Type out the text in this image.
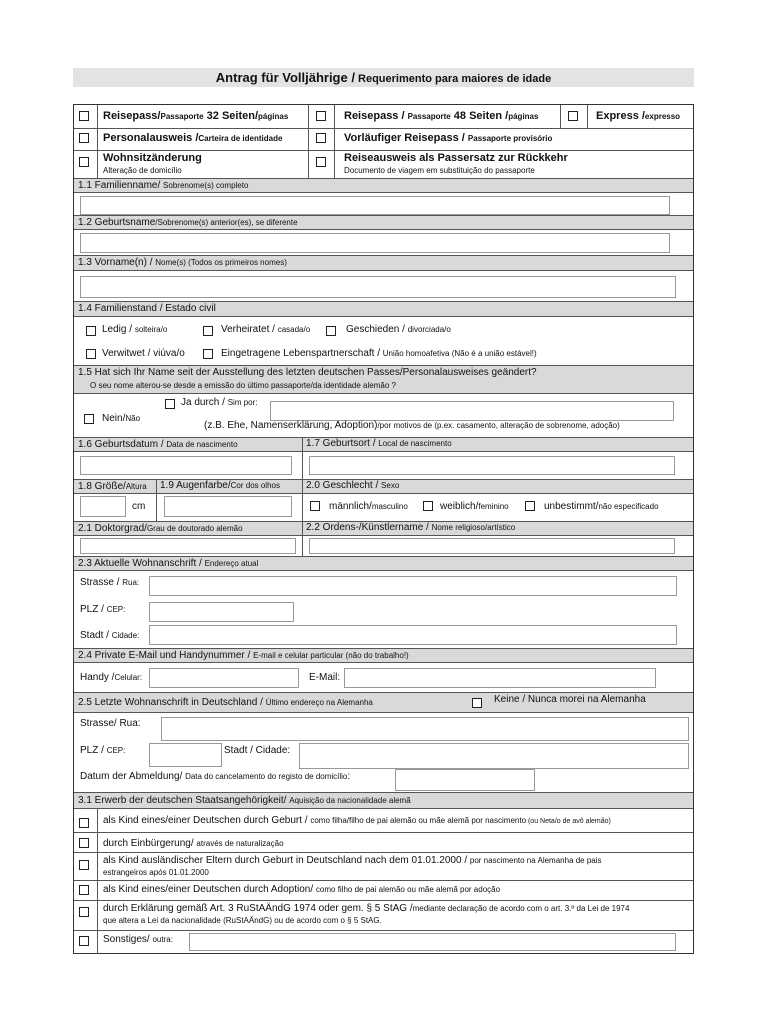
Antrag für Volljährige / Requerimento para maiores de idade
Reisepass/Passaporte 32 Seiten/páginas	Reisepass / Passaporte 48 Seiten /páginas	Express /expresso
Personalausweis /Carteira de identidade	Vorläufiger Reisepass / Passaporte provisório
Wohnsitzänderung
Alteração de domicílio
Reiseausweis als Passersatz zur Rückkehr
Documento de viagem em substituição do passaporte
1.1 Familienname/ Sobrenome(s) completo
1.2 Geburtsname/Sobrenome(s) anterior(es), se diferente
1.3 Vorname(n) / Nome(s) (Todos os primeiros nomes)
1.4 Familienstand / Estado civil
Ledig / solteira/o	Verheiratet / casada/o	Geschieden / divorciada/o
Verwitwet / viúva/o	Eingetragene Lebenspartnerschaft / União homoafetiva (Não é a união estável!)
1.5 Hat sich Ihr Name seit der Ausstellung des letzten deutschen Passes/Personalausweises geändert?
O seu nome alterou-se desde a emissão do último passaporte/da identidade alemão ?
Ja durch / Sim por:
Nein/Não
(z.B. Ehe, Namenserklärung, Adoption)/por motivos de (p.ex. casamento, alteração de sobrenome, adoção)
1.6 Geburtsdatum / Data de nascimento	1.7 Geburtsort / Local de nascimento
1.8 Größe/Altura	1.9 Augenfarbe/Cor dos olhos	2.0 Geschlecht / Sexo
cm	männlich/masculino	weiblich/feminino	unbestimmt/não especificado
2.1 Doktorgrad/Grau de doutorado alemão	2.2 Ordens-/Künstlername / Nome religioso/artístico
2.3 Aktuelle Wohnanschrift / Endereço atual
Strasse / Rua:
PLZ / CEP:
Stadt / Cidade:
2.4 Private E-Mail und Handynummer / E-mail e celular particular (não do trabalho!)
Handy /Celular:	E-Mail:
2.5 Letzte Wohnanschrift in Deutschland / Último endereço na Alemanha	Keine / Nunca morei na Alemanha
Strasse/ Rua:
PLZ / CEP:	Stadt / Cidade:
Datum der Abmeldung/ Data do cancelamento do registo de domicílio:
3.1 Erwerb der deutschen Staatsangehörigkeit/ Aquisição da nacionalidade alemã
als Kind eines/einer Deutschen durch Geburt / como filha/filho de pai alemão ou mãe alemã por nascimento (ou Neta/o de avô alemão)
durch Einbürgerung/ através de naturalização
als Kind ausländischer Eltern durch Geburt in Deutschland nach dem 01.01.2000 / por nascimento na Alemanha de pais
estrangeiros após 01.01.2000
als Kind eines/einer Deutschen durch Adoption/ como filho de pai alemão ou mãe alemã por adoção
durch Erklärung gemäß Art. 3 RuStAÄndG 1974 oder gem. § 5 StAG /mediante declaração de acordo com o art. 3.º da Lei de 1974
que altera a Lei da nacionalidade (RuStAÄndG) ou de acordo com o § 5 StAG.
Sonstiges/ outra:
